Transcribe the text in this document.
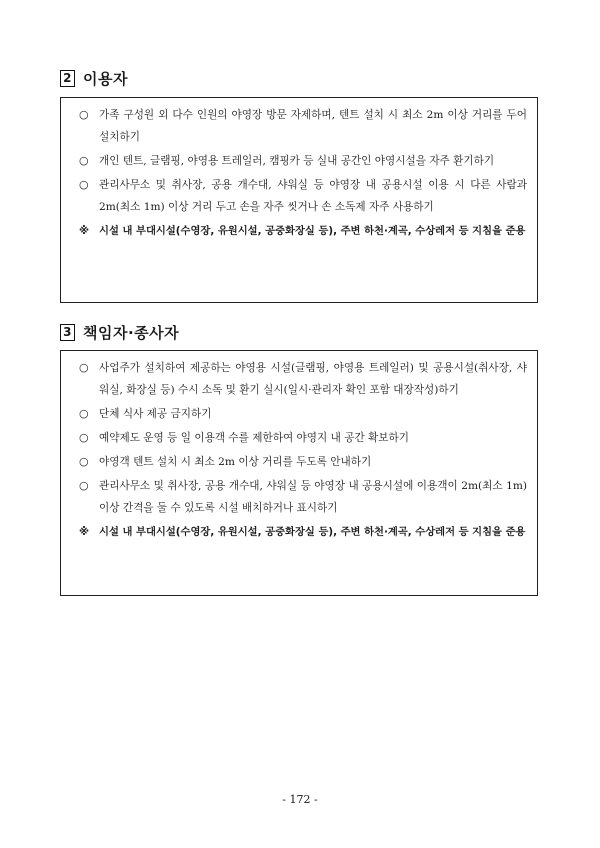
2 이용자
○ 가족 구성원 외 다수 인원의 야영장 방문 자제하며, 텐트 설치 시 최소 2m 이상 거리를 두어 설치하기
○ 개인 텐트, 글램핑, 야영용 트레일러, 캠핑카 등 실내 공간인 야영시설을 자주 환기하기
○ 관리사무소 및 취사장, 공용 개수대, 샤워실 등 야영장 내 공용시설 이용 시 다른 사람과 2m(최소 1m) 이상 거리 두고 손을 자주 씻거나 손 소독제 자주 사용하기
※ 시설 내 부대시설(수영장, 유원시설, 공중화장실 등), 주변 하천·계곡, 수상레저 등 지침을 준용
3 책임자·종사자
○ 사업주가 설치하여 제공하는 야영용 시설(글램핑, 야영용 트레일러) 및 공용시설(취사장, 샤워실, 화장실 등) 수시 소독 및 환기 실시(일시·관리자 확인 포함 대장작성)하기
○ 단체 식사 제공 금지하기
○ 예약제도 운영 등 일 이용객 수를 제한하여 야영지 내 공간 확보하기
○ 야영객 텐트 설치 시 최소 2m 이상 거리를 두도록 안내하기
○ 관리사무소 및 취사장, 공용 개수대, 샤워실 등 야영장 내 공용시설에 이용객이 2m(최소 1m) 이상 간격을 둘 수 있도록 시설 배치하거나 표시하기
※ 시설 내 부대시설(수영장, 유원시설, 공중화장실 등), 주변 하천·계곡, 수상레저 등 지침을 준용
- 172 -
